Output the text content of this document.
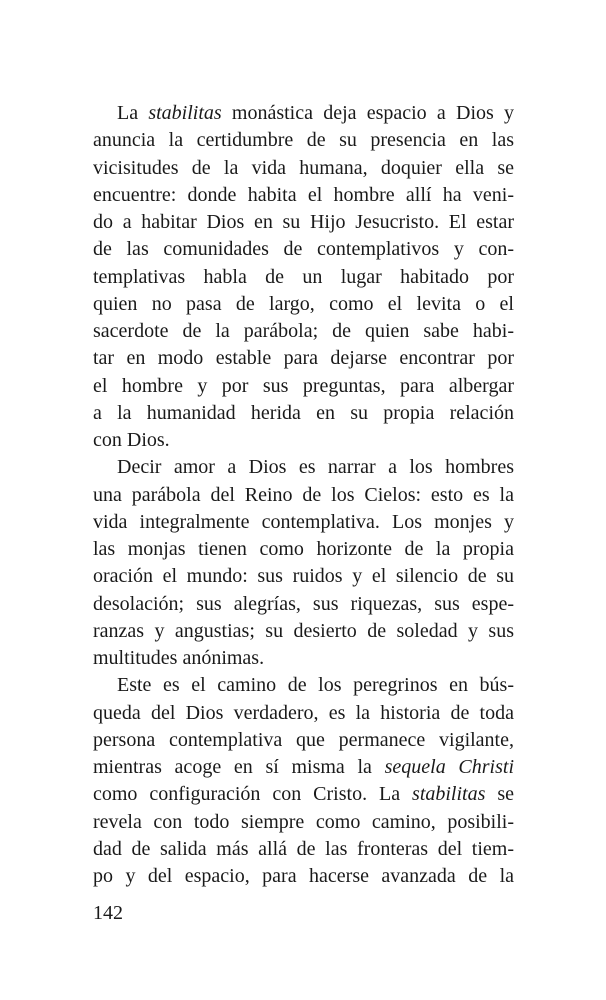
La stabilitas monástica deja espacio a Dios y
anuncia la certidumbre de su presencia en las
vicisitudes de la vida humana, doquier ella se
encuentre: donde habita el hombre allí ha veni-
do a habitar Dios en su Hijo Jesucristo. El estar
de las comunidades de contemplativos y con-
templativas habla de un lugar habitado por
quien no pasa de largo, como el levita o el
sacerdote de la parábola; de quien sabe habi-
tar en modo estable para dejarse encontrar por
el hombre y por sus preguntas, para albergar
a la humanidad herida en su propia relación
con Dios.
Decir amor a Dios es narrar a los hombres
una parábola del Reino de los Cielos: esto es la
vida integralmente contemplativa. Los monjes y
las monjas tienen como horizonte de la propia
oración el mundo: sus ruidos y el silencio de su
desolación; sus alegrías, sus riquezas, sus espe-
ranzas y angustias; su desierto de soledad y sus
multitudes anónimas.
Este es el camino de los peregrinos en bús-
queda del Dios verdadero, es la historia de toda
persona contemplativa que permanece vigilante,
mientras acoge en sí misma la sequela Christi
como configuración con Cristo. La stabilitas se
revela con todo siempre como camino, posibili-
dad de salida más allá de las fronteras del tiem-
po y del espacio, para hacerse avanzada de la
142
